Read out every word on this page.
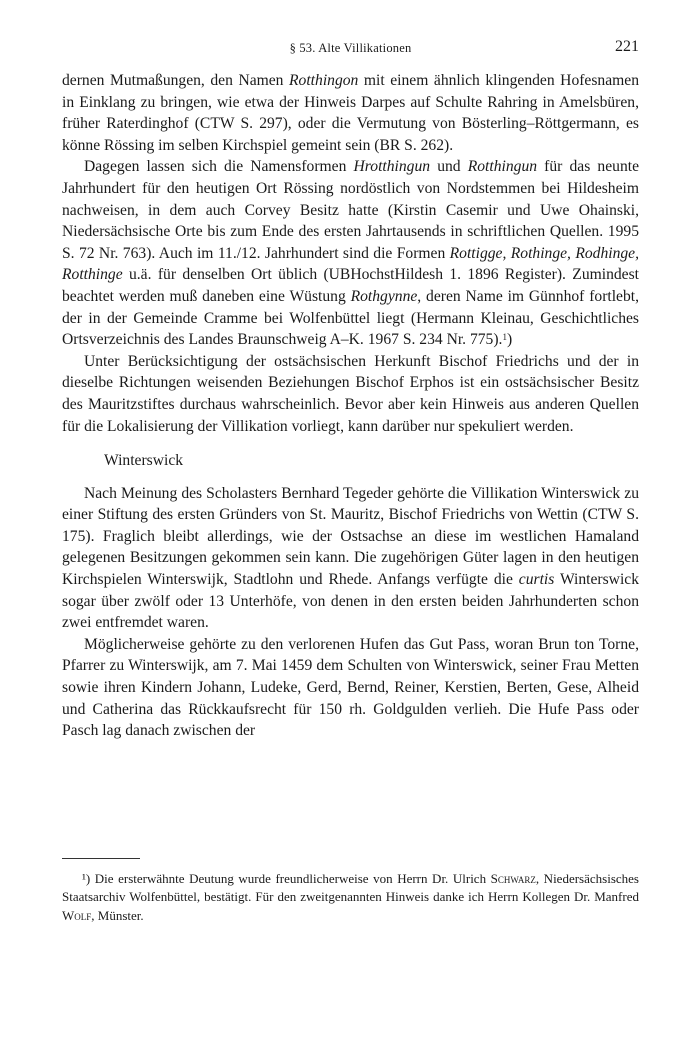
§ 53. Alte Villikationen	221

dernen Mutmaßungen, den Namen Rotthingon mit einem ähnlich klingenden Hofesnamen in Einklang zu bringen, wie etwa der Hinweis Darpes auf Schulte Rahring in Amelsbüren, früher Raterdinghof (CTW S. 297), oder die Vermutung von Bösterling–Röttgermann, es könne Rössing im selben Kirchspiel gemeint sein (BR S. 262).

Dagegen lassen sich die Namensformen Hrotthingun und Rotthingun für das neunte Jahrhundert für den heutigen Ort Rössing nordöstlich von Nordstemmen bei Hildesheim nachweisen, in dem auch Corvey Besitz hatte (Kirstin Casemir und Uwe Ohainski, Niedersächsische Orte bis zum Ende des ersten Jahrtausends in schriftlichen Quellen. 1995 S. 72 Nr. 763). Auch im 11./12. Jahrhundert sind die Formen Rottigge, Rothinge, Rodhinge, Rotthinge u.ä. für denselben Ort üblich (UBHochstHildesh 1. 1896 Register). Zumindest beachtet werden muß daneben eine Wüstung Rothgynne, deren Name im Günnhof fortlebt, der in der Gemeinde Cramme bei Wolfenbüttel liegt (Hermann Kleinau, Geschichtliches Ortsverzeichnis des Landes Braunschweig A–K. 1967 S. 234 Nr. 775).$^1$)

Unter Berücksichtigung der ostsächsischen Herkunft Bischof Friedrichs und der in dieselbe Richtungen weisenden Beziehungen Bischof Erphos ist ein ostsächsischer Besitz des Mauritzstiftes durchaus wahrscheinlich. Bevor aber kein Hinweis aus anderen Quellen für die Lokalisierung der Villikation vorliegt, kann darüber nur spekuliert werden.

Winterswick

Nach Meinung des Scholasters Bernhard Tegeder gehörte die Villikation Winterswick zu einer Stiftung des ersten Gründers von St. Mauritz, Bischof Friedrichs von Wettin (CTW S. 175). Fraglich bleibt allerdings, wie der Ostsachse an diese im westlichen Hamaland gelegenen Besitzungen gekommen sein kann. Die zugehörigen Güter lagen in den heutigen Kirchspielen Winterswijk, Stadtlohn und Rhede. Anfangs verfügte die curtis Winterswick sogar über zwölf oder 13 Unterhöfe, von denen in den ersten beiden Jahrhunderten schon zwei entfremdet waren.

Möglicherweise gehörte zu den verlorenen Hufen das Gut Pass, woran Brun ton Torne, Pfarrer zu Winterswijk, am 7. Mai 1459 dem Schulten von Winterswick, seiner Frau Metten sowie ihren Kindern Johann, Ludeke, Gerd, Bernd, Reiner, Kerstien, Berten, Gese, Alheid und Catherina das Rückkaufsrecht für 150 rh. Goldgulden verlieh. Die Hufe Pass oder Pasch lag danach zwischen der

¹) Die ersterwähnte Deutung wurde freundlicherweise von Herrn Dr. Ulrich Schwarz, Niedersächsisches Staatsarchiv Wolfenbüttel, bestätigt. Für den zweitgenannten Hinweis danke ich Herrn Kollegen Dr. Manfred Wolf, Münster.
